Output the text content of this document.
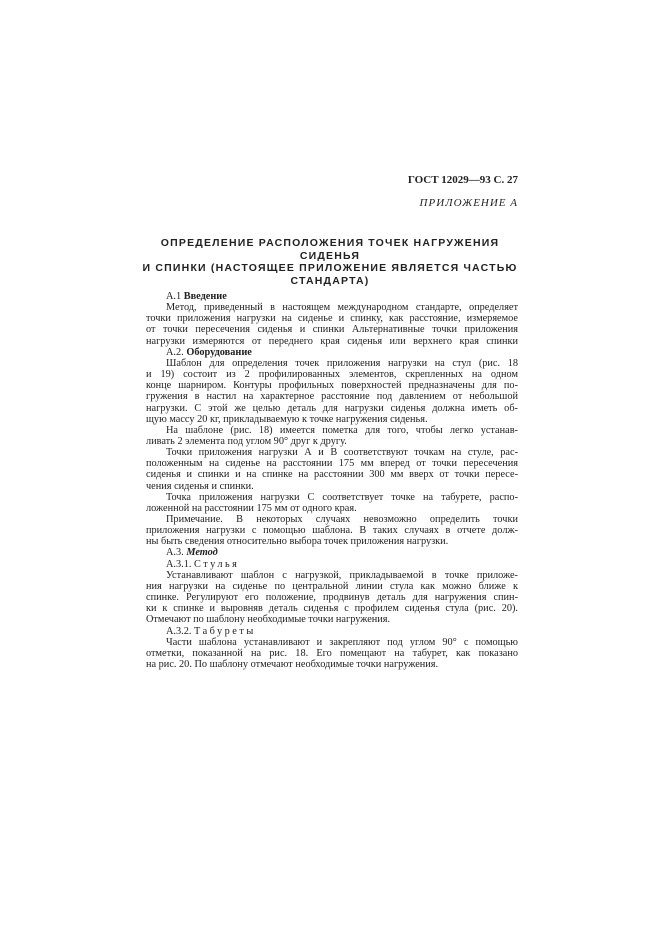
ГОСТ 12029—93 С. 27
ПРИЛОЖЕНИЕ А
ОПРЕДЕЛЕНИЕ РАСПОЛОЖЕНИЯ ТОЧЕК НАГРУЖЕНИЯ СИДЕНЬЯ
И СПИНКИ (НАСТОЯЩЕЕ ПРИЛОЖЕНИЕ ЯВЛЯЕТСЯ ЧАСТЬЮ
СТАНДАРТА)
А.1 Введение
Метод, приведенный в настоящем международном стандарте, определяет
точки приложения нагрузки на сиденье и спинку, как расстояние, измеряемое
от точки пересечения сиденья и спинки Альтернативные точки приложения
нагрузки измеряются от переднего края сиденья или верхнего края спинки
А.2. Оборудование
Шаблон для определения точек приложения нагрузки на стул (рис. 18
и 19) состоит из 2 профилированных элементов, скрепленных на одном
конце шарниром. Контуры профильных поверхностей предназначены для по-
гружения в настил на характерное расстояние под давлением от небольшой
нагрузки. С этой же целью деталь для нагрузки сиденья должна иметь об-
щую массу 20 кг, прикладываемую к точке нагружения сиденья.
На шаблоне (рис. 18) имеется пометка для того, чтобы легко устанав-
ливать 2 элемента под углом 90° друг к другу.
Точки приложения нагрузки А и В соответствуют точкам на стуле, рас-
положенным на сиденье на расстоянии 175 мм вперед от точки пересечения
сиденья и спинки и на спинке на расстоянии 300 мм вверх от точки пересе-
чения сиденья и спинки.
Точка приложения нагрузки С соответствует точке на табурете, распо-
ложенной на расстоянии 175 мм от одного края.
Примечание. В некоторых случаях невозможно определить точки
приложения нагрузки с помощью шаблона. В таких случаях в отчете долж-
ны быть сведения относительно выбора точек приложения нагрузки.
А.3. Метод
А.3.1. Стулья
Устанавливают шаблон с нагрузкой, прикладываемой в точке приложе-
ния нагрузки на сиденье по центральной линии стула как можно ближе к
спинке. Регулируют его положение, продвинув деталь для нагружения спин-
ки к спинке и выровняв деталь сиденья с профилем сиденья стула (рис. 20).
Отмечают по шаблону необходимые точки нагружения.
А.3.2. Табуреты
Части шаблона устанавливают и закрепляют под углом 90° с помощью
отметки, показанной на рис. 18. Его помещают на табурет, как показано
на рис. 20. По шаблону отмечают необходимые точки нагружения.
